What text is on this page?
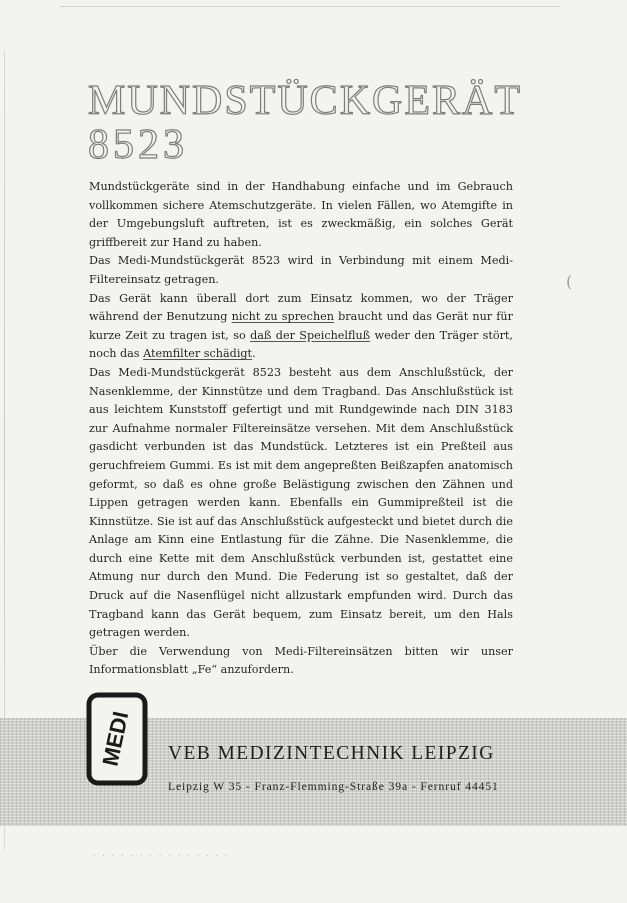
MUNDSTÜCKGERÄT
8523

Mundstückgeräte sind in der Handhabung einfache und im Gebrauch vollkommen sichere Atemschutzgeräte. In vielen Fällen, wo Atemgifte in der Umgebungsluft auftreten, ist es zweckmäßig, ein solches Gerät griffbereit zur Hand zu haben.

Das Medi-Mundstückgerät 8523 wird in Verbindung mit einem Medi-Filtereinsatz getragen.

Das Gerät kann überall dort zum Einsatz kommen, wo der Träger während der Benutzung nicht zu sprechen braucht und das Gerät nur für kurze Zeit zu tragen ist, so daß der Speichelfluß weder den Träger stört, noch das Atemfilter schädigt.

Das Medi-Mundstückgerät 8523 besteht aus dem Anschlußstück, der Nasenklemme, der Kinnstütze und dem Tragband. Das Anschlußstück ist aus leichtem Kunststoff gefertigt und mit Rundgewinde nach DIN 3183 zur Aufnahme normaler Filtereinsätze versehen. Mit dem Anschlußstück gasdicht verbunden ist das Mundstück. Letzteres ist ein Preßteil aus geruchfreiem Gummi. Es ist mit dem angepreßten Beißzapfen anatomisch geformt, so daß es ohne große Belästigung zwischen den Zähnen und Lippen getragen werden kann. Ebenfalls ein Gummipreßteil ist die Kinnstütze. Sie ist auf das Anschlußstück aufgesteckt und bietet durch die Anlage am Kinn eine Entlastung für die Zähne. Die Nasenklemme, die durch eine Kette mit dem Anschlußstück verbunden ist, gestattet eine Atmung nur durch den Mund. Die Federung ist so gestaltet, daß der Druck auf die Nasenflügel nicht allzustark empfunden wird. Durch das Tragband kann das Gerät bequem, zum Einsatz bereit, um den Hals getragen werden.

Über die Verwendung von Medi-Filtereinsätzen bitten wir unser Informationsblatt „Fe“ anzufordern.

(
MEDI VEB MEDIZINTECHNIK LEIPZIG
Leipzig W 35 - Franz-Flemming-Straße 39a - Fernruf 44451
· · · · · · · · · · · · · · ·
